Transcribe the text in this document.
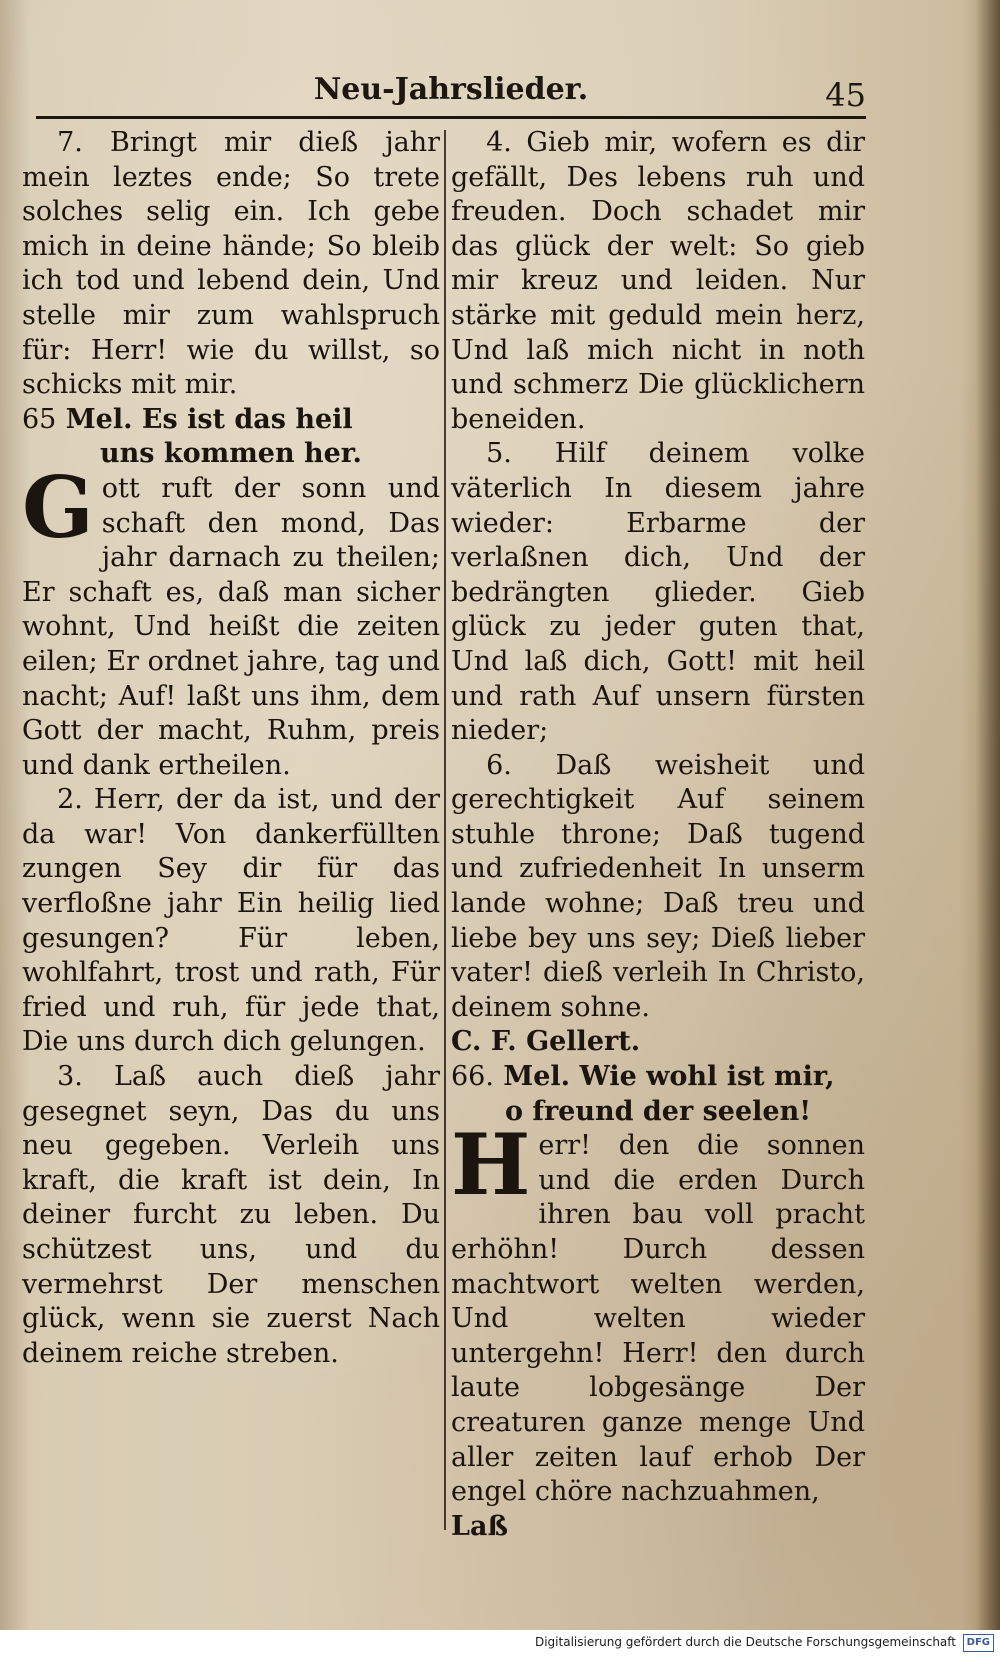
Neu-Jahrslieder.	45

7. Bringt mir dieß jahr mein leztes ende; So trete solches selig ein. Ich gebe mich in deine hände; So bleib ich tod und lebend dein, Und stelle mir zum wahlspruch für: Herr! wie du willst, so schicks mit mir.

65 Mel. Es ist das heil
uns kommen her.

Gott ruft der sonn und schaft den mond, Das jahr darnach zu theilen; Er schaft es, daß man sicher wohnt, Und heißt die zeiten eilen; Er ordnet jahre, tag und nacht; Auf! laßt uns ihm, dem Gott der macht, Ruhm, preis und dank ertheilen.

2. Herr, der da ist, und der da war! Von dankerfüllten zungen Sey dir für das verfloßne jahr Ein heilig lied gesungen? Für leben, wohlfahrt, trost und rath, Für fried und ruh, für jede that, Die uns durch dich gelungen.

3. Laß auch dieß jahr gesegnet seyn, Das du uns neu gegeben. Verleih uns kraft, die kraft ist dein, In deiner furcht zu leben. Du schützest uns, und du vermehrst Der menschen glück, wenn sie zuerst Nach deinem reiche streben.

4. Gieb mir, wofern es dir gefällt, Des lebens ruh und freuden. Doch schadet mir das glück der welt: So gieb mir kreuz und leiden. Nur stärke mit geduld mein herz, Und laß mich nicht in noth und schmerz Die glücklichern beneiden.

5. Hilf deinem volke väterlich In diesem jahre wieder: Erbarme der verlaßnen dich, Und der bedrängten glieder. Gieb glück zu jeder guten that, Und laß dich, Gott! mit heil und rath Auf unsern fürsten nieder;

6. Daß weisheit und gerechtigkeit Auf seinem stuhle throne; Daß tugend und zufriedenheit In unserm lande wohne; Daß treu und liebe bey uns sey; Dieß lieber vater! dieß verleih In Christo, deinem sohne.

C. F. Gellert.

66. Mel. Wie wohl ist mir,
o freund der seelen!

Herr! den die sonnen und die erden Durch ihren bau voll pracht erhöhn! Durch dessen machtwort welten werden, Und welten wieder untergehn! Herr! den durch laute lobgesänge Der creaturen ganze menge Und aller zeiten lauf erhob Der engel chöre nachzuahmen,

Laß

Digitalisierung gefördert durch die Deutsche Forschungsgemeinschaft	DFG
